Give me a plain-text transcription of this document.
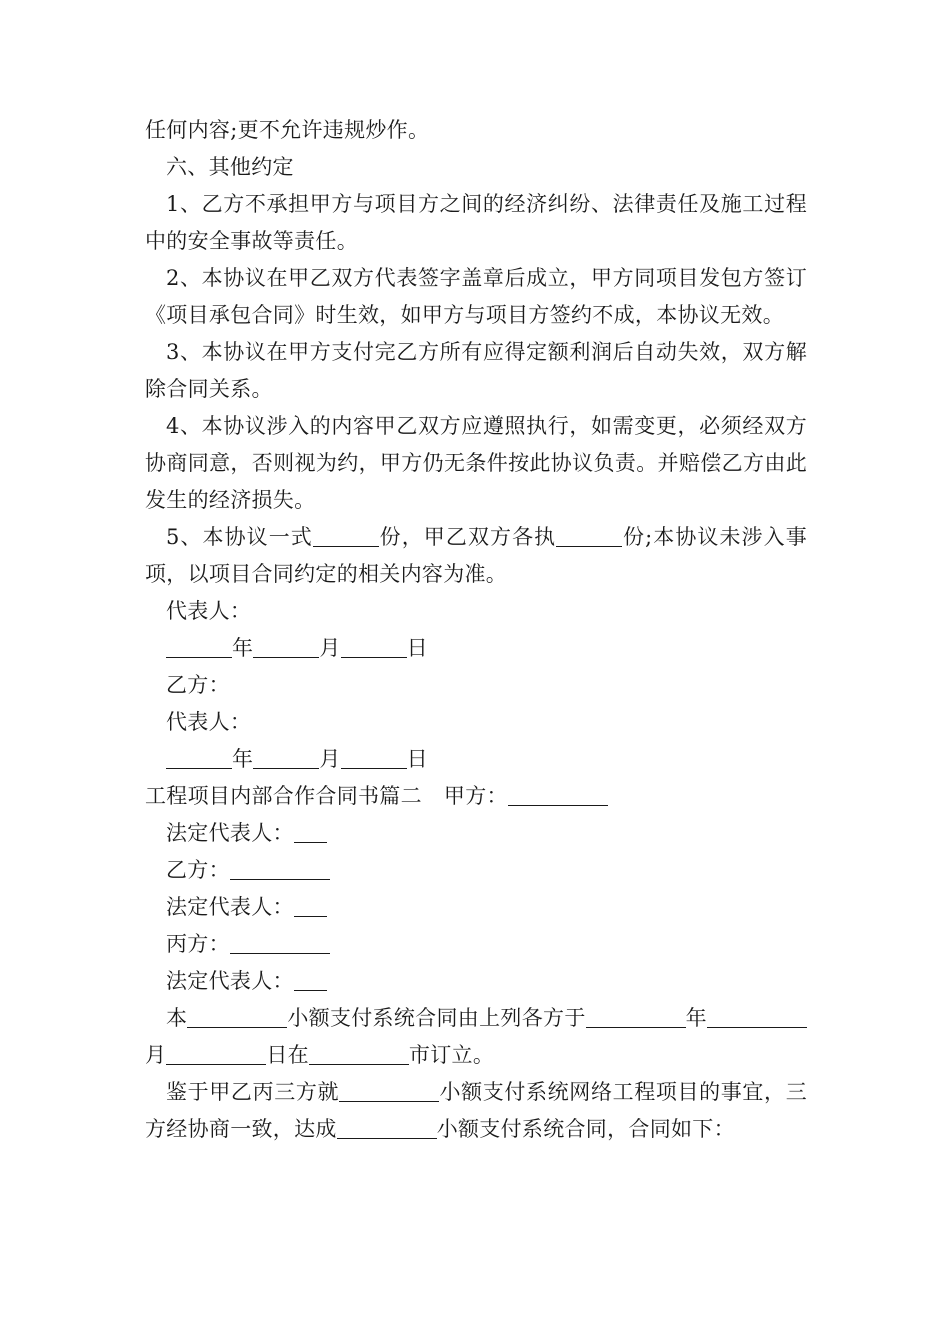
任何内容;更不允许违规炒作。

六、其他约定

1、乙方不承担甲方与项目方之间的经济纠纷、法律责任及施工过程中的安全事故等责任。

2、本协议在甲乙双方代表签字盖章后成立，甲方同项目发包方签订《项目承包合同》时生效，如甲方与项目方签约不成，本协议无效。

3、本协议在甲方支付完乙方所有应得定额利润后自动失效，双方解除合同关系。

4、本协议涉入的内容甲乙双方应遵照执行，如需变更，必须经双方协商同意，否则视为约，甲方仍无条件按此协议负责。并赔偿乙方由此发生的经济损失。

5、本协议一式	份，甲乙双方各执	份;本协议未涉入事项，以项目合同约定的相关内容为准。

代表人：

年	月	日

乙方：

代表人：

年	月	日

工程项目内部合作合同书篇二 甲方：

法定代表人：

乙方：

法定代表人：

丙方：

法定代表人：

本	小额支付系统合同由上列各方于	年月	日在	市订立。

鉴于甲乙丙三方就	小额支付系统网络工程项目的事宜，三方经协商一致，达成	小额支付系统合同，合同如下：
